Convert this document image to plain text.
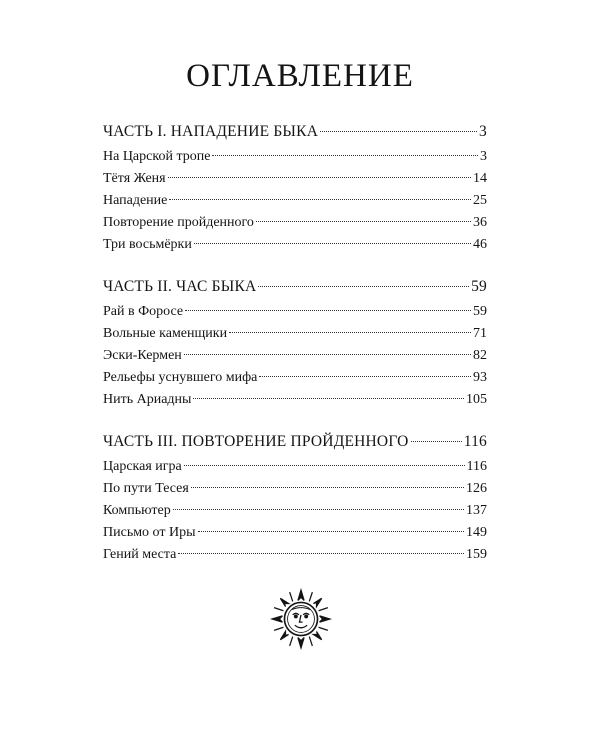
ОГЛАВЛЕНИЕ
ЧАСТЬ I. НАПАДЕНИЕ БЫКА	3
На Царской тропе	3
Тётя Женя	14
Нападение	25
Повторение пройденного	36
Три восьмёрки	46
ЧАСТЬ II. ЧАС БЫКА	59
Рай в Форосе	59
Вольные каменщики	71
Эски-Кермен	82
Рельефы уснувшего мифа	93
Нить Ариадны	105
ЧАСТЬ III. ПОВТОРЕНИЕ ПРОЙДЕННОГО	116
Царская игра	116
По пути Тесея	126
Компьютер	137
Письмо от Иры	149
Гений места	159
